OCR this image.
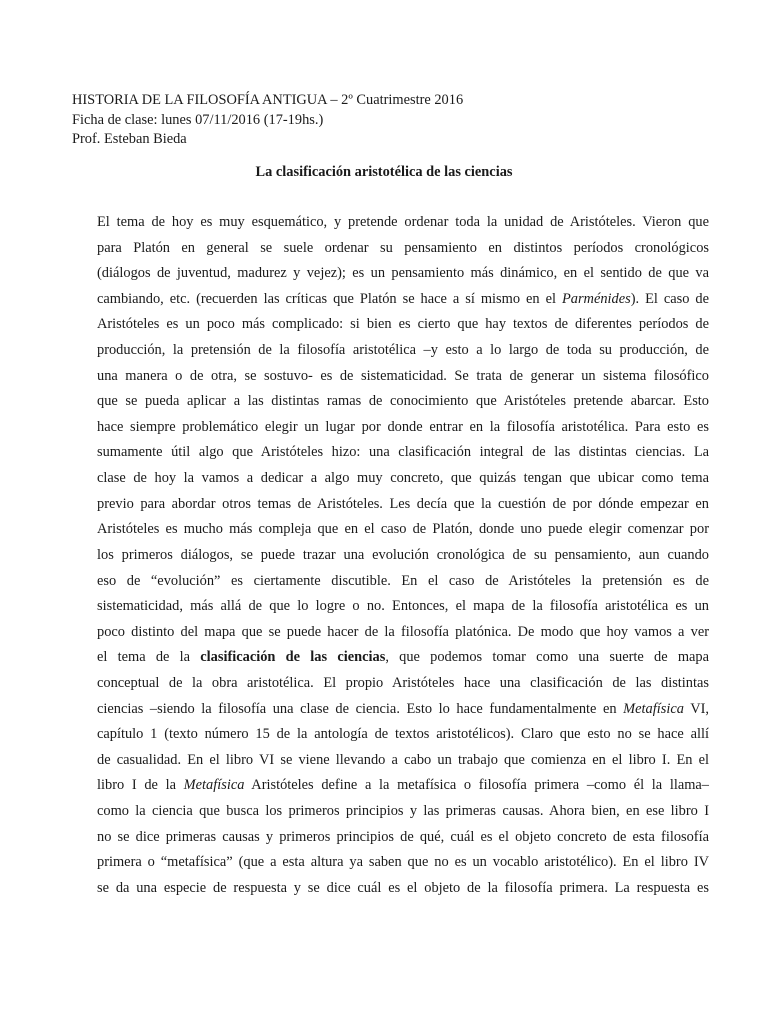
HISTORIA DE LA FILOSOFÍA ANTIGUA – 2º Cuatrimestre 2016
Ficha de clase: lunes 07/11/2016 (17-19hs.)
Prof. Esteban Bieda
La clasificación aristotélica de las ciencias
El tema de hoy es muy esquemático, y pretende ordenar toda la unidad de Aristóteles. Vieron que
para Platón en general se suele ordenar su pensamiento en distintos períodos cronológicos
(diálogos de juventud, madurez y vejez); es un pensamiento más dinámico, en el sentido de que va
cambiando, etc. (recuerden las críticas que Platón se hace a sí mismo en el Parménides). El caso de
Aristóteles es un poco más complicado: si bien es cierto que hay textos de diferentes períodos de
producción, la pretensión de la filosofía aristotélica –y esto a lo largo de toda su producción, de
una manera o de otra, se sostuvo- es de sistematicidad. Se trata de generar un sistema filosófico
que se pueda aplicar a las distintas ramas de conocimiento que Aristóteles pretende abarcar. Esto
hace siempre problemático elegir un lugar por donde entrar en la filosofía aristotélica. Para esto es
sumamente útil algo que Aristóteles hizo: una clasificación integral de las distintas ciencias. La
clase de hoy la vamos a dedicar a algo muy concreto, que quizás tengan que ubicar como tema
previo para abordar otros temas de Aristóteles. Les decía que la cuestión de por dónde empezar en
Aristóteles es mucho más compleja que en el caso de Platón, donde uno puede elegir comenzar por
los primeros diálogos, se puede trazar una evolución cronológica de su pensamiento, aun cuando
eso de “evolución” es ciertamente discutible. En el caso de Aristóteles la pretensión es de
sistematicidad, más allá de que lo logre o no. Entonces, el mapa de la filosofía aristotélica es un
poco distinto del mapa que se puede hacer de la filosofía platónica. De modo que hoy vamos a ver
el tema de la clasificación de las ciencias, que podemos tomar como una suerte de mapa
conceptual de la obra aristotélica. El propio Aristóteles hace una clasificación de las distintas
ciencias –siendo la filosofía una clase de ciencia. Esto lo hace fundamentalmente en Metafísica VI,
capítulo 1 (texto número 15 de la antología de textos aristotélicos). Claro que esto no se hace allí
de casualidad. En el libro VI se viene llevando a cabo un trabajo que comienza en el libro I. En el
libro I de la Metafísica Aristóteles define a la metafísica o filosofía primera –como él la llama–
como la ciencia que busca los primeros principios y las primeras causas. Ahora bien, en ese libro I
no se dice primeras causas y primeros principios de qué, cuál es el objeto concreto de esta filosofía
primera o “metafísica” (que a esta altura ya saben que no es un vocablo aristotélico). En el libro IV
se da una especie de respuesta y se dice cuál es el objeto de la filosofía primera. La respuesta es
